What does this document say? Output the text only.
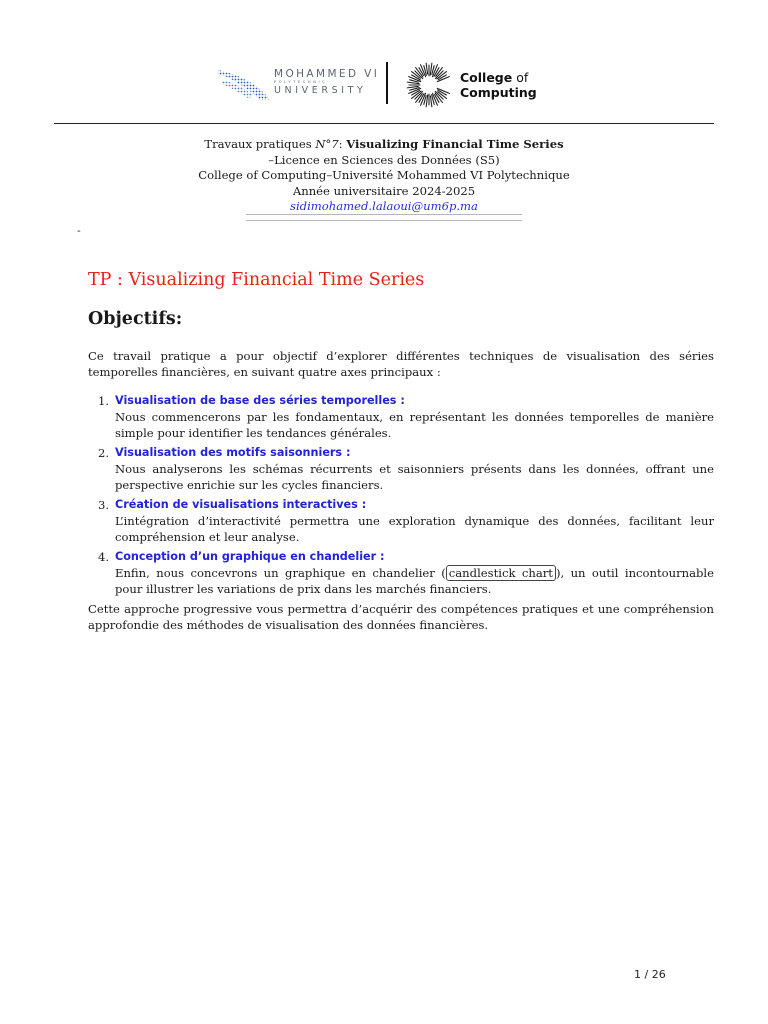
MOHAMMED VI
POLYTECHNIC
UNIVERSITY
College of
Computing
Travaux pratiques N°7: Visualizing Financial Time Series
–Licence en Sciences des Données (S5)
College of Computing–Université Mohammed VI Polytechnique
Année universitaire 2024-2025
sidimohamed.lalaoui@um6p.ma
-
TP : Visualizing Financial Time Series
Objectifs:

Ce travail pratique a pour objectif d’explorer différentes techniques de visualisation des séries temporelles financières, en suivant quatre axes principaux :

1. Visualisation de base des séries temporelles :
Nous commencerons par les fondamentaux, en représentant les données temporelles de manière simple pour identifier les tendances générales.
2. Visualisation des motifs saisonniers :
Nous analyserons les schémas récurrents et saisonniers présents dans les données, offrant une perspective enrichie sur les cycles financiers.
3. Création de visualisations interactives :
L’intégration d’interactivité permettra une exploration dynamique des données, facilitant leur compréhension et leur analyse.
4. Conception d’un graphique en chandelier :
Enfin, nous concevrons un graphique en chandelier ( candlestick chart ), un outil incontournable pour illustrer les variations de prix dans les marchés financiers.

Cette approche progressive vous permettra d’acquérir des compétences pratiques et une compréhension approfondie des méthodes de visualisation des données financières.

1 / 26
